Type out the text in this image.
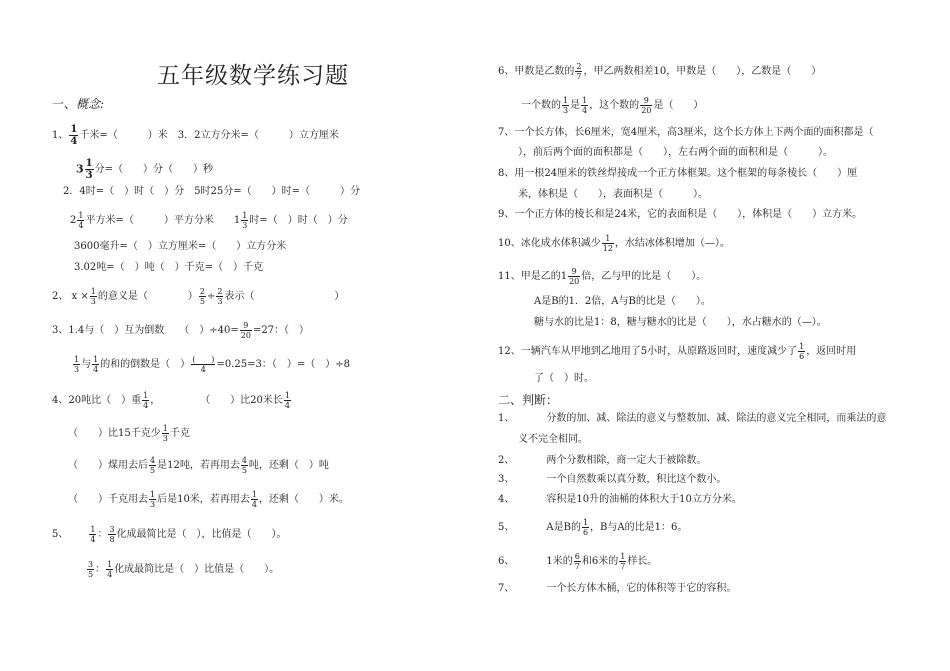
五年级数学练习题
一、概念:
1、 $\frac{1}{4}$ 千米=（　　　）米　3．2立方分米=（　　　）立方厘米
$3 \frac{1}{3}$ 分=（　　）分（　　）秒
2．4时=（　）时（　）分　5时25分=（　　）时=（　　　）分
$2 \frac{1}{4}$ 平方米=（　　　）平方分米　　$1 \frac{1}{3}$ 时=（　）时（　）分
3600毫升=（　）立方厘米=（　　）立方分米
3.02吨=（　）吨（　）千克=（　）千克
2、 $x \times \frac{1}{3}$ 的意义是（　　　　） $\frac{2}{5} \div \frac{2}{3}$ 表示（　　　　　　　　）
3、1.4与（　）互为倒数　　（　）$\div 40= \frac{9}{20} =27$：（　）
$\frac{1}{3}$ 与 $\frac{1}{4}$ 的和的倒数是（　） (　　)
4	=0.25=3：（　）=（　）÷8
4、20吨比（　）重 $\frac{1}{4}$ ，	（　　）比20米长 $\frac{1}{4}$
（　　）比15千克少 $\frac{1}{3}$ 千克
（　　）煤用去后 $\frac{4}{5}$ 是12吨，若再用去 $\frac{4}{5}$ 吨，还剩（　）吨
（　　）千克用去 $\frac{1}{3}$ 后是10米，若再用去 $\frac{1}{4}$ ，还剩（　　）米。
5、	$\frac{1}{4}$ ： $\frac{3}{8}$ 化成最简比是（　），比值是（　　）。
$\frac{3}{5}$ ： $\frac{1}{4}$ 化成最简比是（　）比值是（　　）。
6、甲数是乙数的 $\frac{2}{7}$ ，甲乙两数相差10，甲数是（　　），乙数是（　　）
一个数的 $\frac{1}{3}$ 是 $\frac{1}{4}$ ，这个数的 $\frac{9}{20}$ 是（　　）
7、一个长方体，长6厘米，宽4厘米，高3厘米，这个长方体上下两个面的面积都是（
），前后两个面的面积都是（　　），左右两个面的面积和是（　　　）。
8、用一根24厘米的铁丝焊接成一个正方体框架。这个框架的每条棱长（　　）厘
米，体积是（　　），表面积是（　　　）。
9、一个正方体的棱长和是24米，它的表面积是（　　），体积是（　　）立方米。
10、冰化成水体积减少 $\frac{1}{12}$ ，水结冰体积增加（—）。
11、甲是乙的$1 \frac{9}{20}$ 倍，乙与甲的比是（　　）。
A是B的1．2倍，A与B的比是（　　）。
糖与水的比是1：8，糖与糖水的比是（　　），水占糖水的（—）。
12、一辆汽车从甲地到乙地用了5小时，从原路返回时，速度减少了 $\frac{1}{6}$ ，返回时用
了（　）时。
二、判断：
1、	分数的加、减、除法的意义与整数加、减、除法的意义完全相同，而乘法的意
义不完全相同。
2、	两个分数相除，商一定大于被除数。
3、	一个自然数乘以真分数，积比这个数小。
4、	容积是10升的油桶的体积大于10立方分米。
5、	A是B的 $\frac{1}{6}$ ，B与A的比是1：6。
6、	1米的 $\frac{6}{7}$ 和6米的 $\frac{1}{7}$ 样长。
7、	一个长方体木桶，它的体积等于它的容积。
